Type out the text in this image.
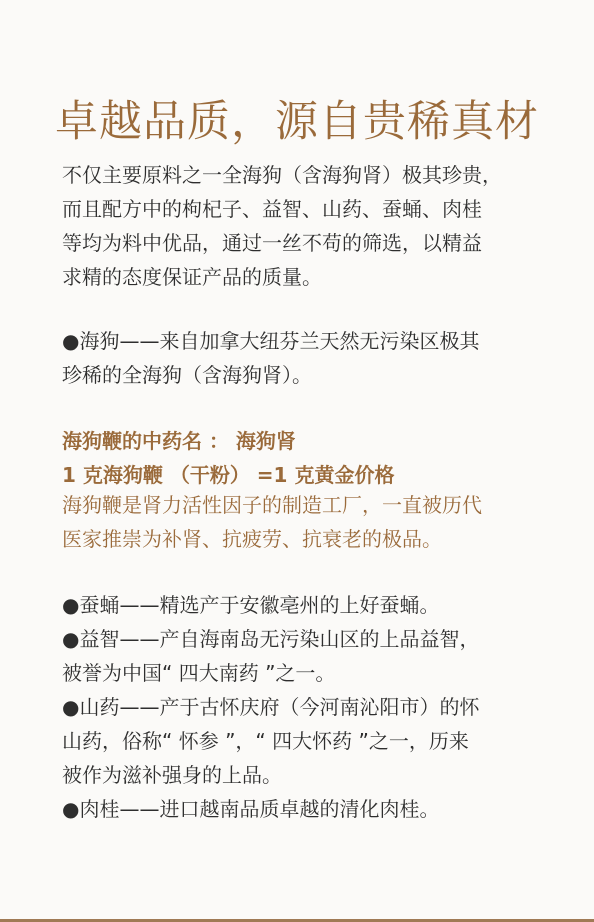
卓越品质，源自贵稀真材

不仅主要原料之一全海狗（含海狗肾）极其珍贵，
而且配方中的枸杞子、益智、山药、蚕蛹、肉桂
等均为料中优品，通过一丝不苟的筛选，以精益
求精的态度保证产品的质量。

●海狗——来自加拿大纽芬兰天然无污染区极其
珍稀的全海狗（含海狗肾）。

海狗鞭的中药名 ： 海狗肾

1 克海狗鞭 （干粉） =1 克黄金价格

海狗鞭是肾力活性因子的制造工厂，一直被历代
医家推崇为补肾、抗疲劳、抗衰老的极品。

●蚕蛹——精选产于安徽亳州的上好蚕蛹。
●益智——产自海南岛无污染山区的上品益智，
被誉为中国“ 四大南药 ”之一。
●山药——产于古怀庆府（今河南沁阳市）的怀
山药，俗称“ 怀参 ”，“ 四大怀药 ”之一，历来
被作为滋补强身的上品。
●肉桂——进口越南品质卓越的清化肉桂。
